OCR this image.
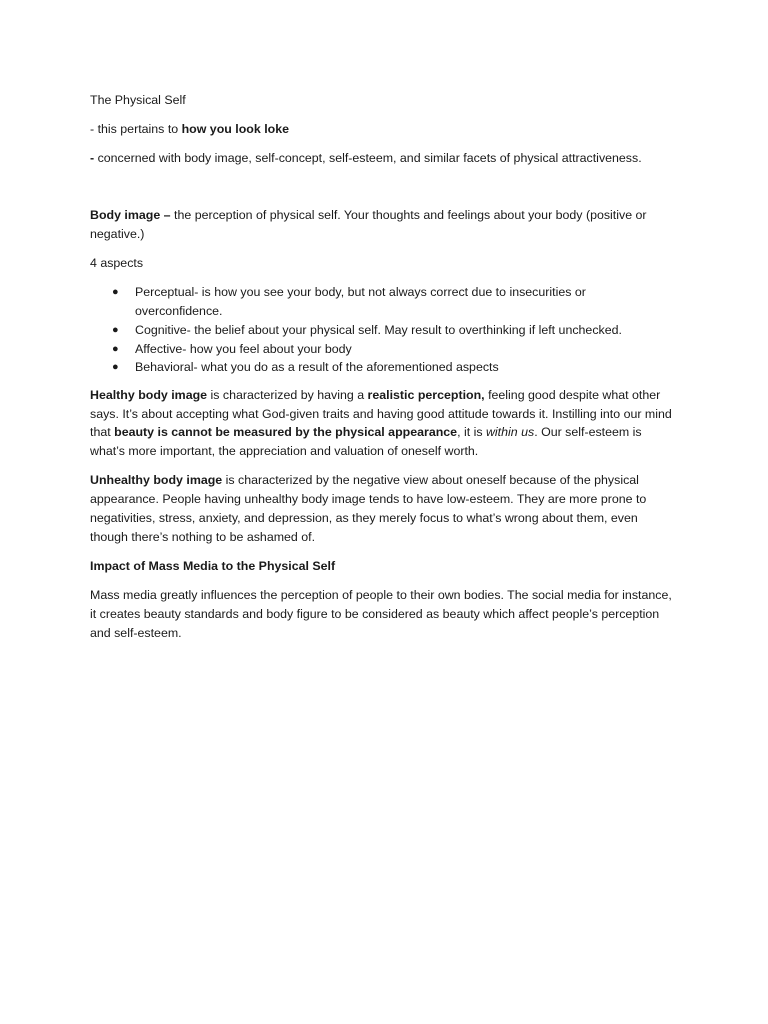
The Physical Self

- this pertains to how you look loke

- concerned with body image, self-concept, self-esteem, and similar facets of physical attractiveness.

Body image – the perception of physical self. Your thoughts and feelings about your body (positive or negative.)

4 aspects

● Perceptual- is how you see your body, but not always correct due to insecurities or overconfidence.
● Cognitive- the belief about your physical self. May result to overthinking if left unchecked.
● Affective- how you feel about your body
● Behavioral- what you do as a result of the aforementioned aspects

Healthy body image is characterized by having a realistic perception, feeling good despite what other says. It’s about accepting what God-given traits and having good attitude towards it. Instilling into our mind that beauty is cannot be measured by the physical appearance, it is within us. Our self-esteem is what’s more important, the appreciation and valuation of oneself worth.

Unhealthy body image is characterized by the negative view about oneself because of the physical appearance. People having unhealthy body image tends to have low-esteem. They are more prone to negativities, stress, anxiety, and depression, as they merely focus to what’s wrong about them, even though there’s nothing to be ashamed of.

Impact of Mass Media to the Physical Self

Mass media greatly influences the perception of people to their own bodies. The social media for instance, it creates beauty standards and body figure to be considered as beauty which affect people’s perception and self-esteem.
